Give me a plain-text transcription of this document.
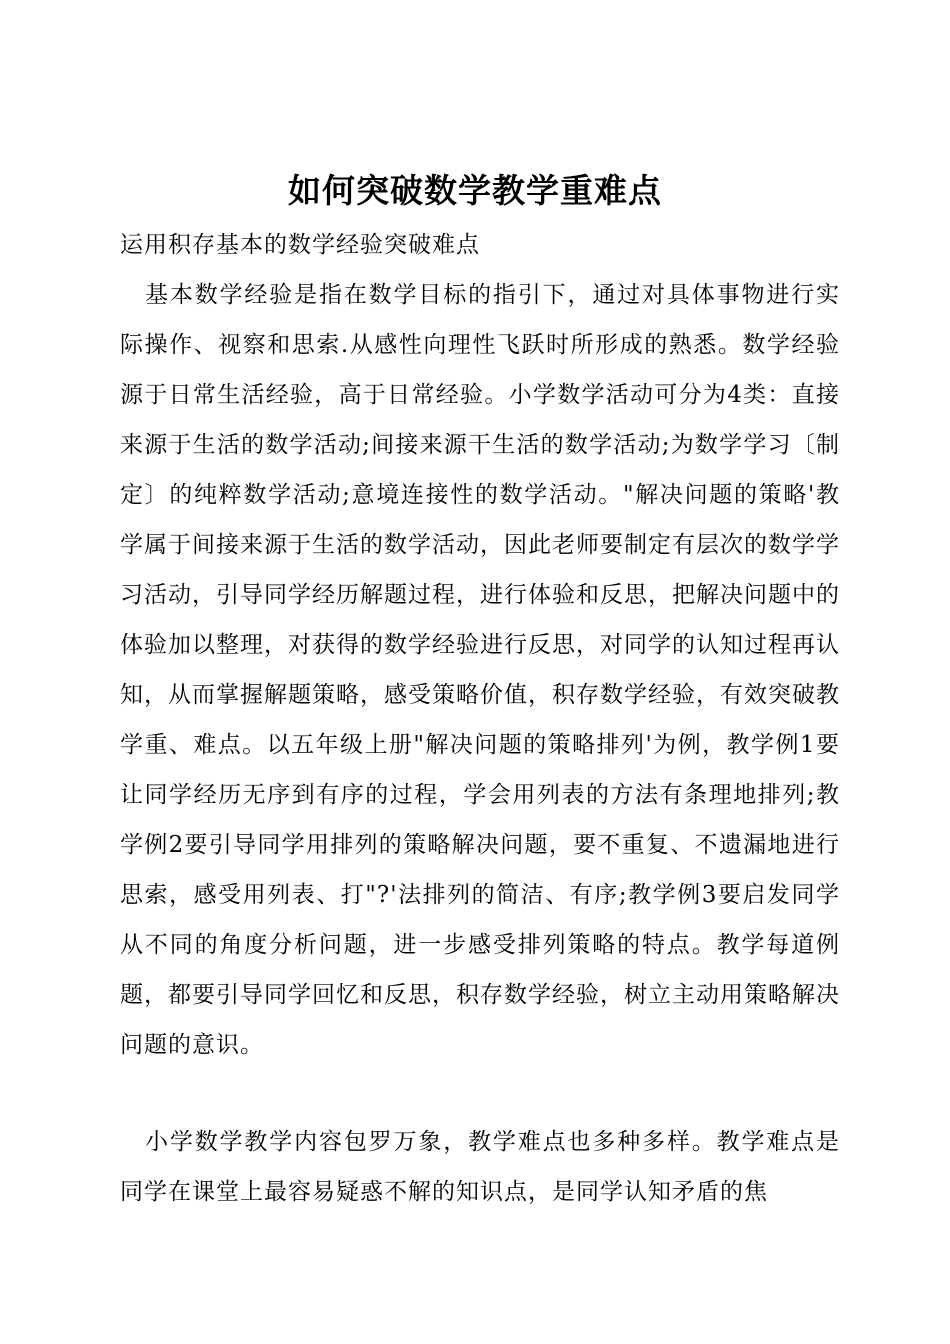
如何突破数学教学重难点

运用积存基本的数学经验突破难点

基本数学经验是指在数学目标的指引下，通过对具体事物进行实际操作、视察和思索.从感性向理性飞跃时所形成的熟悉。数学经验源于日常生活经验，高于日常经验。小学数学活动可分为4类：直接来源于生活的数学活动;间接来源干生活的数学活动;为数学学习〔制定〕的纯粹数学活动;意境连接性的数学活动。"解决问题的策略'教学属于间接来源于生活的数学活动，因此老师要制定有层次的数学学习活动，引导同学经历解题过程，进行体验和反思，把解决问题中的体验加以整理，对获得的数学经验进行反思，对同学的认知过程再认知，从而掌握解题策略，感受策略价值，积存数学经验，有效突破教学重、难点。以五年级上册"解决问题的策略排列'为例，教学例1要让同学经历无序到有序的过程，学会用列表的方法有条理地排列;教学例2要引导同学用排列的策略解决问题，要不重复、不遗漏地进行思索，感受用列表、打"?'法排列的简洁、有序;教学例3要启发同学从不同的角度分析问题，进一步感受排列策略的特点。教学每道例题，都要引导同学回忆和反思，积存数学经验，树立主动用策略解决问题的意识。

小学数学教学内容包罗万象，教学难点也多种多样。教学难点是同学在课堂上最容易疑惑不解的知识点，是同学认知矛盾的焦
